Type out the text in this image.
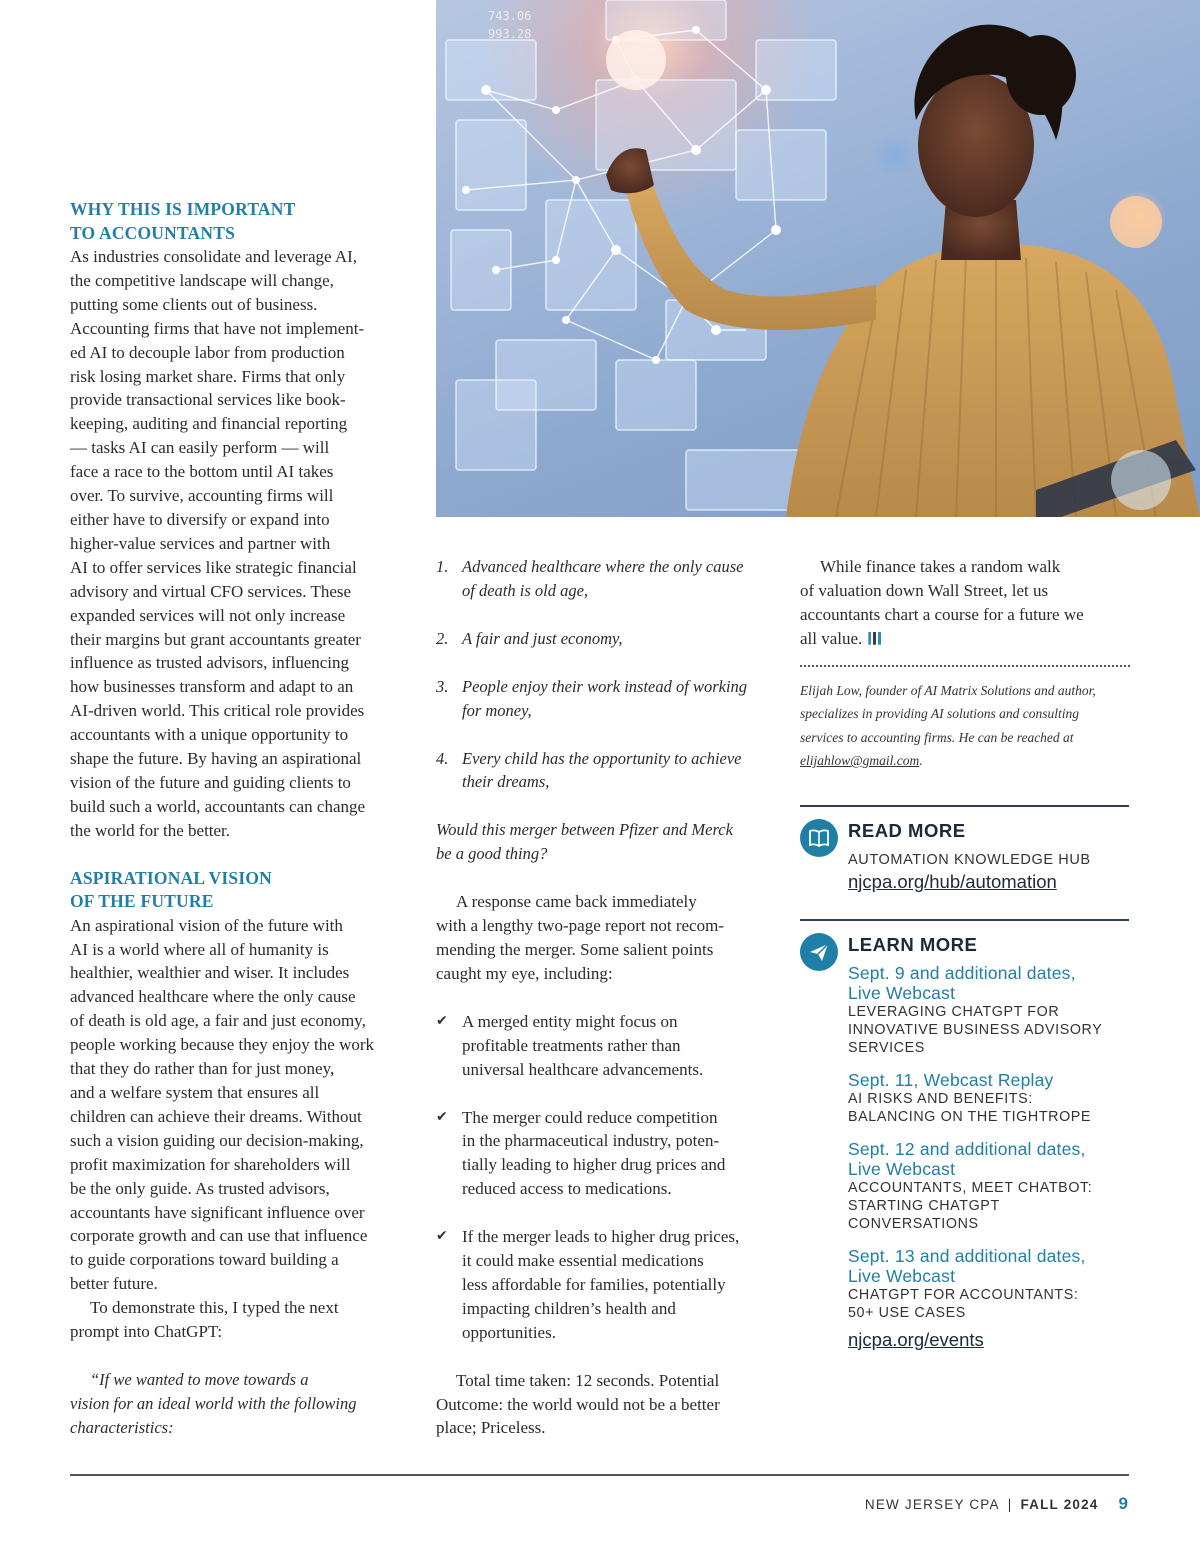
743.06
993.28
WHY THIS IS IMPORTANT
TO ACCOUNTANTS
As industries consolidate and leverage AI,
the competitive landscape will change,
putting some clients out of business.
Accounting firms that have not implement-
ed AI to decouple labor from production
risk losing market share. Firms that only
provide transactional services like book-
keeping, auditing and financial reporting
— tasks AI can easily perform — will
face a race to the bottom until AI takes
over. To survive, accounting firms will
either have to diversify or expand into
higher-value services and partner with
AI to offer services like strategic financial
advisory and virtual CFO services. These
expanded services will not only increase
their margins but grant accountants greater
influence as trusted advisors, influencing
how businesses transform and adapt to an
AI-driven world. This critical role provides
accountants with a unique opportunity to
shape the future. By having an aspirational
vision of the future and guiding clients to
build such a world, accountants can change
the world for the better.
ASPIRATIONAL VISION
OF THE FUTURE
An aspirational vision of the future with
AI is a world where all of humanity is
healthier, wealthier and wiser. It includes
advanced healthcare where the only cause
of death is old age, a fair and just economy,
people working because they enjoy the work
that they do rather than for just money,
and a welfare system that ensures all
children can achieve their dreams. Without
such a vision guiding our decision-making,
profit maximization for shareholders will
be the only guide. As trusted advisors,
accountants have significant influence over
corporate growth and can use that influence
to guide corporations toward building a
better future.
To demonstrate this, I typed the next
prompt into ChatGPT:
“If we wanted to move towards a
vision for an ideal world with the following
characteristics:
1. Advanced healthcare where the only cause
of death is old age,
2. A fair and just economy,
3. People enjoy their work instead of working
for money,
4. Every child has the opportunity to achieve
their dreams,
Would this merger between Pfizer and Merck
be a good thing?
A response came back immediately
with a lengthy two-page report not recom-
mending the merger. Some salient points
caught my eye, including:
✔ A merged entity might focus on
profitable treatments rather than
universal healthcare advancements.
✔ The merger could reduce competition
in the pharmaceutical industry, poten-
tially leading to higher drug prices and
reduced access to medications.
✔ If the merger leads to higher drug prices,
it could make essential medications
less affordable for families, potentially
impacting children’s health and
opportunities.
Total time taken: 12 seconds. Potential
Outcome: the world would not be a better
place; Priceless.
While finance takes a random walk
of valuation down Wall Street, let us
accountants chart a course for a future we
all value.
Elijah Low, founder of AI Matrix Solutions and author,
specializes in providing AI solutions and consulting
services to accounting firms. He can be reached at
elijahlow@gmail.com.
READ MORE
AUTOMATION KNOWLEDGE HUB
njcpa.org/hub/automation
LEARN MORE
Sept. 9 and additional dates,
Live Webcast
LEVERAGING CHATGPT FOR
INNOVATIVE BUSINESS ADVISORY
SERVICES
Sept. 11, Webcast Replay
AI RISKS AND BENEFITS:
BALANCING ON THE TIGHTROPE
Sept. 12 and additional dates,
Live Webcast
ACCOUNTANTS, MEET CHATBOT:
STARTING CHATGPT
CONVERSATIONS
Sept. 13 and additional dates,
Live Webcast
CHATGPT FOR ACCOUNTANTS:
50+ USE CASES
njcpa.org/events
NEW JERSEY CPA | FALL 2024 9
